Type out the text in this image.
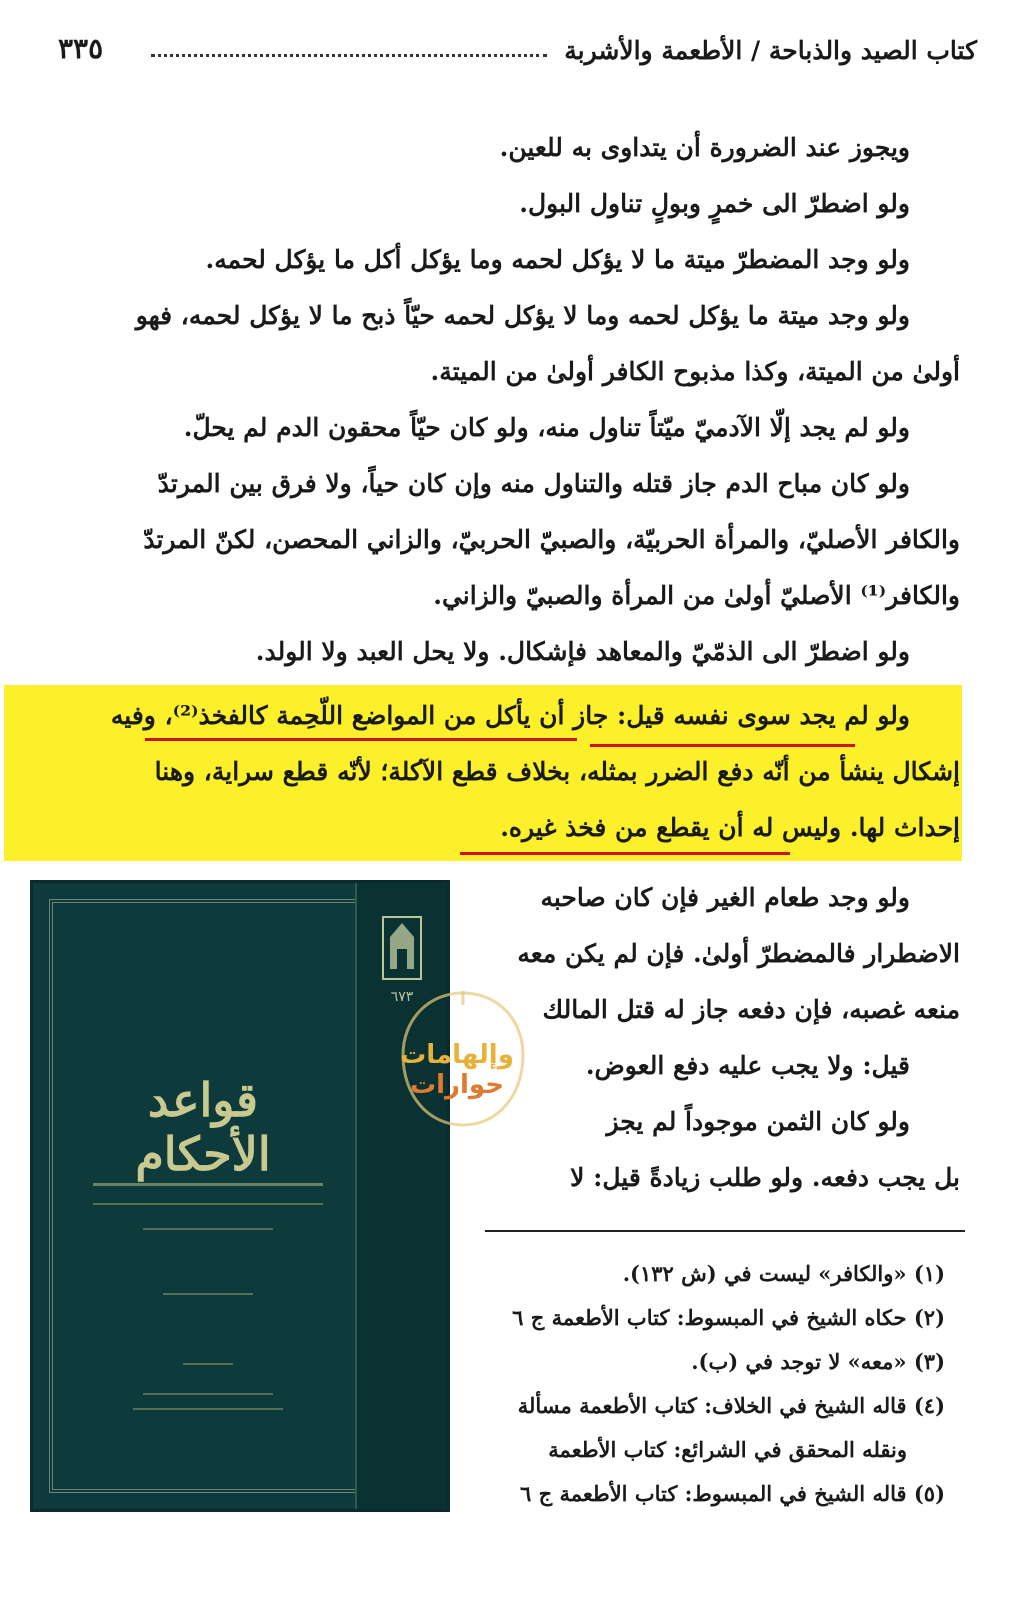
٣٣٥	كتاب الصيد والذباحة / الأطعمة والأشربة
ويجوز عند الضرورة أن يتداوى به للعين.
ولو اضطرّ الى خمرٍ وبولٍ تناول البول.
ولو وجد المضطرّ ميتة ما لا يؤكل لحمه وما يؤكل أكل ما يؤكل لحمه.
ولو وجد ميتة ما يؤكل لحمه وما لا يؤكل لحمه حيّاً ذبح ما لا يؤكل لحمه، فهو
أولىٰ من الميتة، وكذا مذبوح الكافر أولىٰ من الميتة.
ولو لم يجد إلّا الآدميّ ميّتاً تناول منه، ولو كان حيّاً محقون الدم لم يحلّ.
ولو كان مباح الدم جاز قتله والتناول منه وإن كان حياً، ولا فرق بين المرتدّ
والكافر الأصليّ، والمرأة الحربيّة، والصبيّ الحربيّ، والزاني المحصن، لكنّ المرتدّ
والكافر⁽¹⁾ الأصليّ أولىٰ من المرأة والصبيّ والزاني.
ولو اضطرّ الى الذمّيّ والمعاهد فإشكال. ولا يحل العبد ولا الولد.
ولو لم يجد سوى نفسه قيل: جاز أن يأكل من المواضع اللّحِمة كالفخذ⁽²⁾، وفيه
إشكال ينشأ من أنّه دفع الضرر بمثله، بخلاف قطع الآكلة؛ لأنّه قطع سراية، وهنا
إحداث لها. وليس له أن يقطع من فخذ غيره.
ولو وجد طعام الغير فإن كان صاحبه
الاضطرار فالمضطرّ أولىٰ. فإن لم يكن معه
منعه غصبه، فإن دفعه جاز له قتل المالك
قيل: ولا يجب عليه دفع العوض.
ولو كان الثمن موجوداً لم يجز
بل يجب دفعه. ولو طلب زيادةً قيل: لا
(١) «والكافر» ليست في (ش ١٣٢).
(٢) حكاه الشيخ في المبسوط: كتاب الأطعمة ج ٦
(٣) «معه» لا توجد في (ب).
(٤) قاله الشيخ في الخلاف: كتاب الأطعمة مسألة
ونقله المحقق في الشرائع: كتاب الأطعمة
(٥) قاله الشيخ في المبسوط: كتاب الأطعمة ج ٦
٦٧٣
قواعد الأحكام
وإلهامات
حوارات
